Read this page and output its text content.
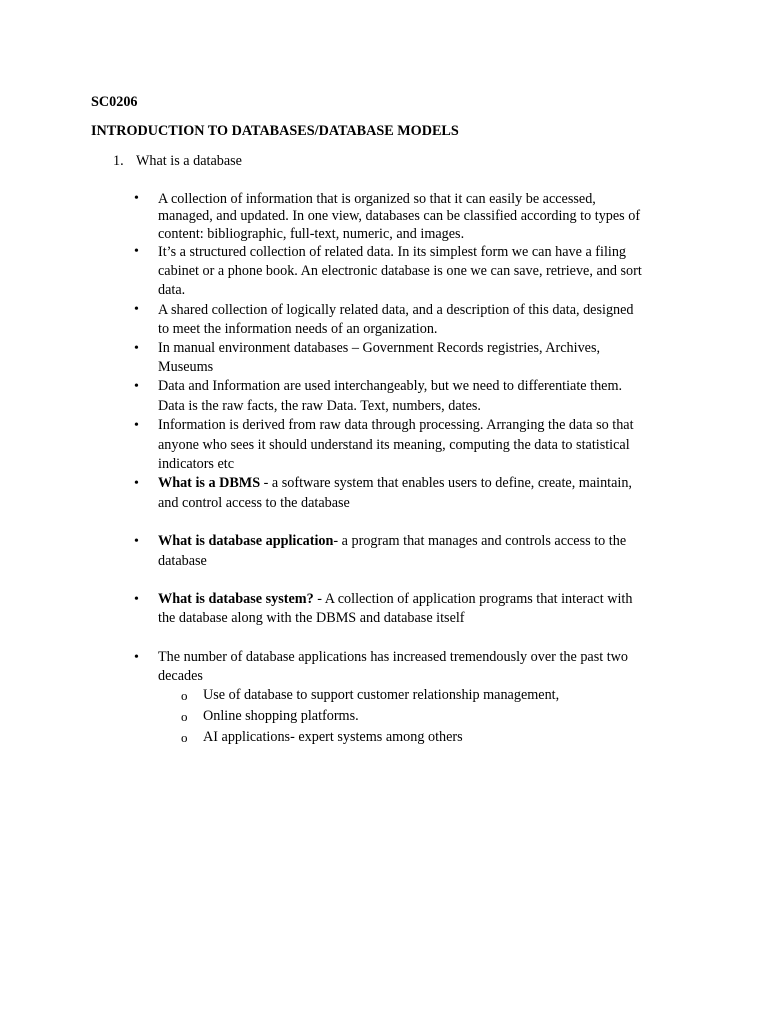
SC0206
INTRODUCTION TO DATABASES/DATABASE MODELS
1. What is a database
• A collection of information that is organized so that it can easily be accessed,
managed, and updated. In one view, databases can be classified according to types of
content: bibliographic, full-text, numeric, and images.
• It’s a structured collection of related data. In its simplest form we can have a filing
cabinet or a phone book. An electronic database is one we can save, retrieve, and sort
data.
• A shared collection of logically related data, and a description of this data, designed
to meet the information needs of an organization.
• In manual environment databases – Government Records registries, Archives,
Museums
• Data and Information are used interchangeably, but we need to differentiate them.
Data is the raw facts, the raw Data. Text, numbers, dates.
• Information is derived from raw data through processing. Arranging the data so that
anyone who sees it should understand its meaning, computing the data to statistical
indicators etc
• What is a DBMS - a software system that enables users to define, create, maintain,
and control access to the database
• What is database application- a program that manages and controls access to the
database
• What is database system? - A collection of application programs that interact with
the database along with the DBMS and database itself
• The number of database applications has increased tremendously over the past two
decades
o Use of database to support customer relationship management,
o Online shopping platforms.
o AI applications- expert systems among others
